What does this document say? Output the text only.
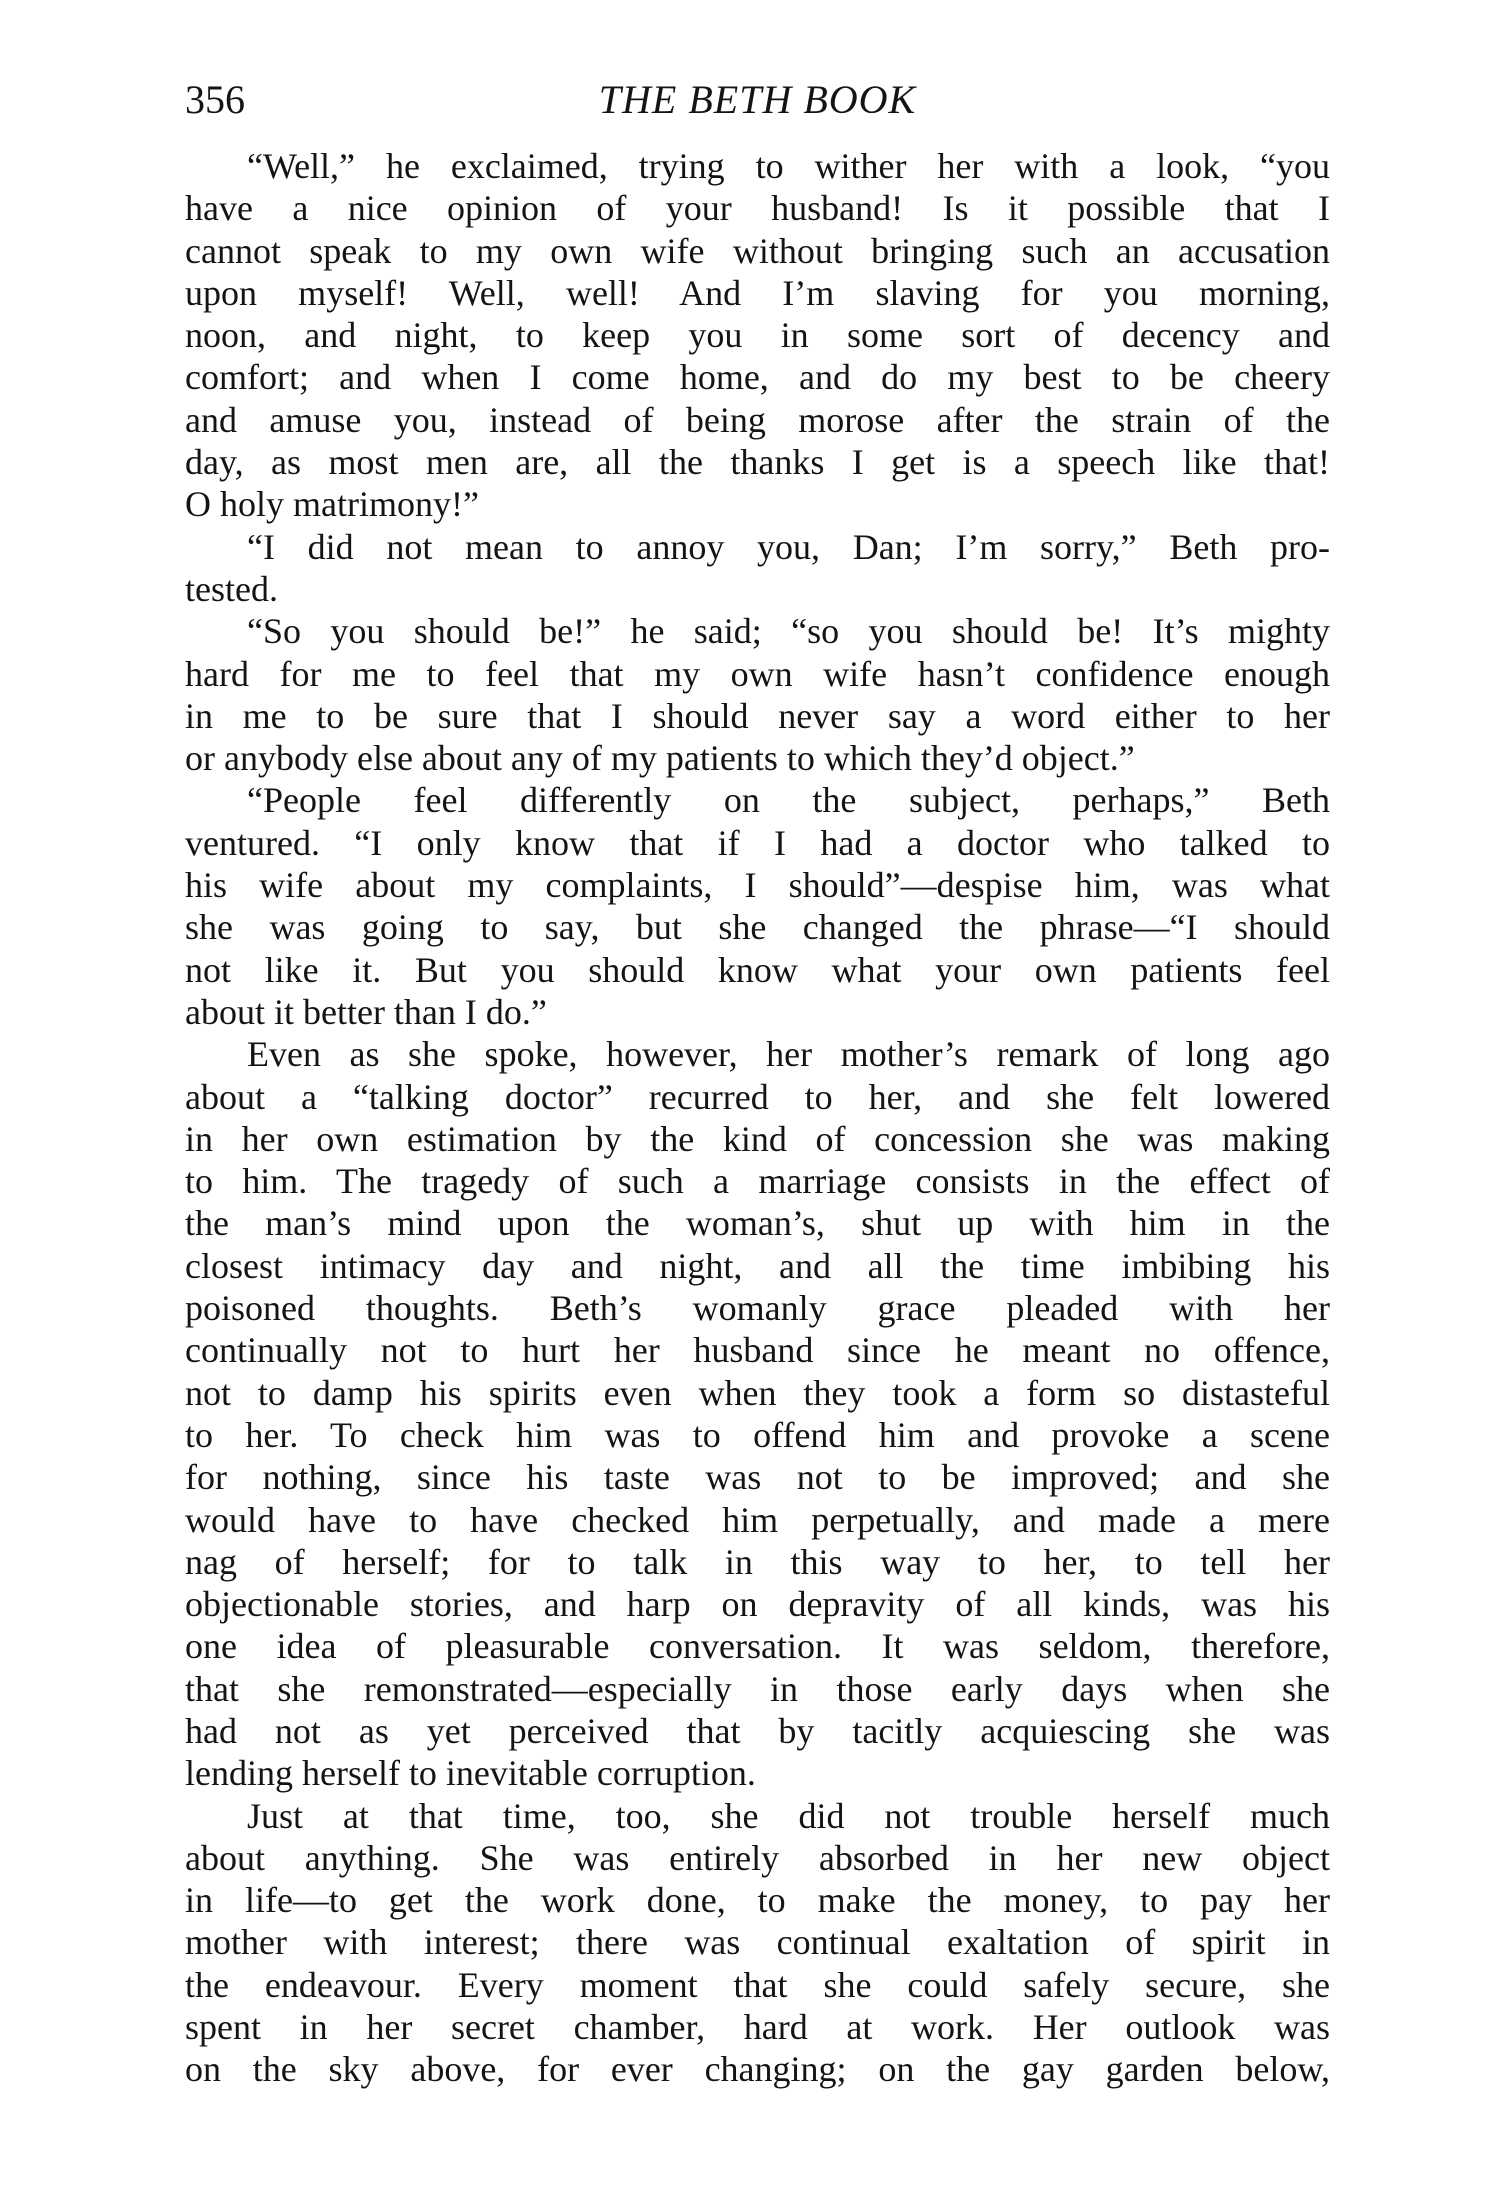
356	THE BETH BOOK
“Well,” he exclaimed, trying to wither her with a look, “you
have a nice opinion of your husband! Is it possible that I
cannot speak to my own wife without bringing such an accusation
upon myself! Well, well! And I’m slaving for you morning,
noon, and night, to keep you in some sort of decency and
comfort; and when I come home, and do my best to be cheery
and amuse you, instead of being morose after the strain of the
day, as most men are, all the thanks I get is a speech like that!
O holy matrimony!”
“I did not mean to annoy you, Dan; I’m sorry,” Beth pro-
tested.
“So you should be!” he said; “so you should be! It’s mighty
hard for me to feel that my own wife hasn’t confidence enough
in me to be sure that I should never say a word either to her
or anybody else about any of my patients to which they’d object.”
“People feel differently on the subject, perhaps,” Beth
ventured. “I only know that if I had a doctor who talked to
his wife about my complaints, I should”—despise him, was what
she was going to say, but she changed the phrase—“I should
not like it. But you should know what your own patients feel
about it better than I do.”
Even as she spoke, however, her mother’s remark of long ago
about a “talking doctor” recurred to her, and she felt lowered
in her own estimation by the kind of concession she was making
to him. The tragedy of such a marriage consists in the effect of
the man’s mind upon the woman’s, shut up with him in the
closest intimacy day and night, and all the time imbibing his
poisoned thoughts. Beth’s womanly grace pleaded with her
continually not to hurt her husband since he meant no offence,
not to damp his spirits even when they took a form so distasteful
to her. To check him was to offend him and provoke a scene
for nothing, since his taste was not to be improved; and she
would have to have checked him perpetually, and made a mere
nag of herself; for to talk in this way to her, to tell her
objectionable stories, and harp on depravity of all kinds, was his
one idea of pleasurable conversation. It was seldom, therefore,
that she remonstrated—especially in those early days when she
had not as yet perceived that by tacitly acquiescing she was
lending herself to inevitable corruption.
Just at that time, too, she did not trouble herself much
about anything. She was entirely absorbed in her new object
in life—to get the work done, to make the money, to pay her
mother with interest; there was continual exaltation of spirit in
the endeavour. Every moment that she could safely secure, she
spent in her secret chamber, hard at work. Her outlook was
on the sky above, for ever changing; on the gay garden below,
